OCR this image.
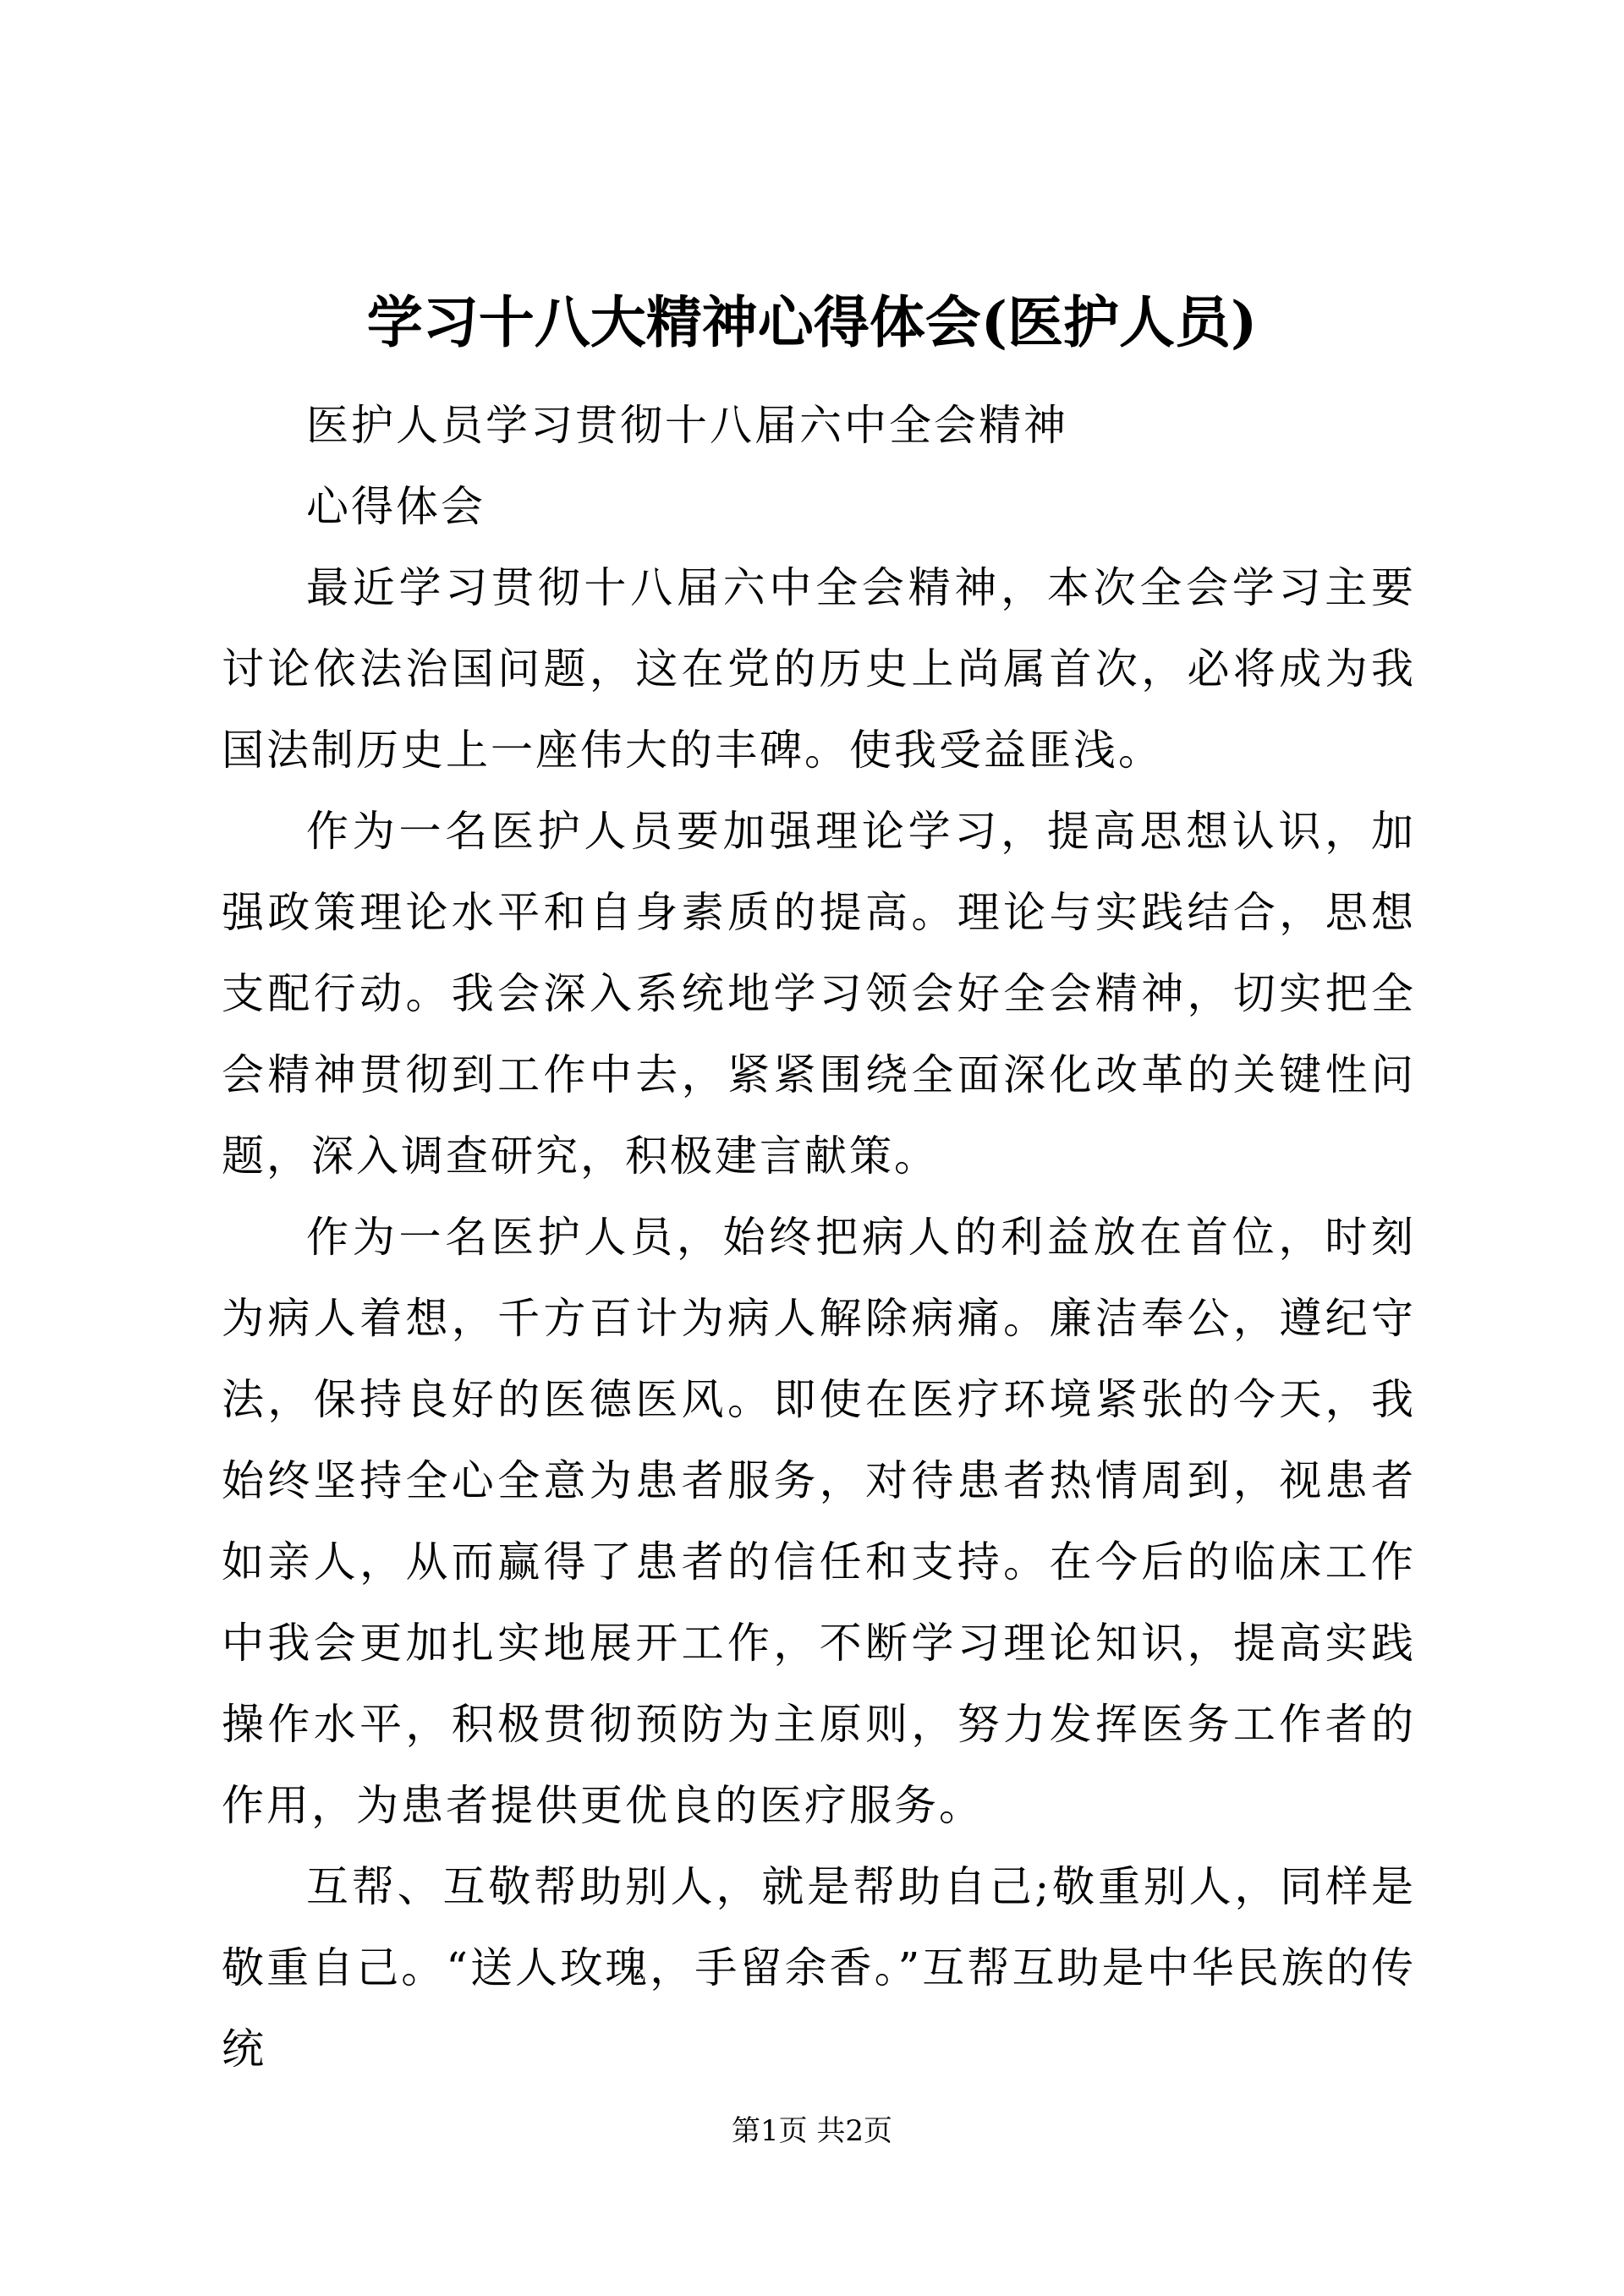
学习十八大精神心得体会(医护人员)

医护人员学习贯彻十八届六中全会精神

心得体会

最近学习贯彻十八届六中全会精神，本次全会学习主要讨论依法治国问题，这在党的历史上尚属首次，必将成为我国法制历史上一座伟大的丰碑。使我受益匪浅。

作为一名医护人员要加强理论学习，提高思想认识，加强政策理论水平和自身素质的提高。理论与实践结合，思想支配行动。我会深入系统地学习领会好全会精神，切实把全会精神贯彻到工作中去，紧紧围绕全面深化改革的关键性问题，深入调查研究，积极建言献策。

作为一名医护人员，始终把病人的利益放在首位，时刻为病人着想，千方百计为病人解除病痛。廉洁奉公，遵纪守法，保持良好的医德医风。即使在医疗环境紧张的今天，我始终坚持全心全意为患者服务，对待患者热情周到，视患者如亲人，从而赢得了患者的信任和支持。在今后的临床工作中我会更加扎实地展开工作，不断学习理论知识，提高实践操作水平，积极贯彻预防为主原则，努力发挥医务工作者的作用，为患者提供更优良的医疗服务。

互帮、互敬帮助别人，就是帮助自己;敬重别人，同样是敬重自己。“送人玫瑰，手留余香。”互帮互助是中华民族的传统

第1页 共2页
